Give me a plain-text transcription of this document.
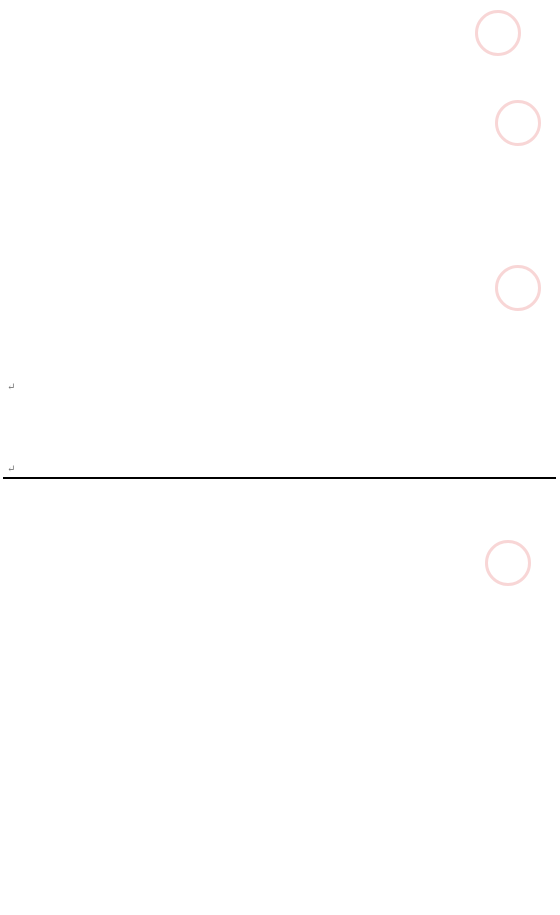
↵
↵
